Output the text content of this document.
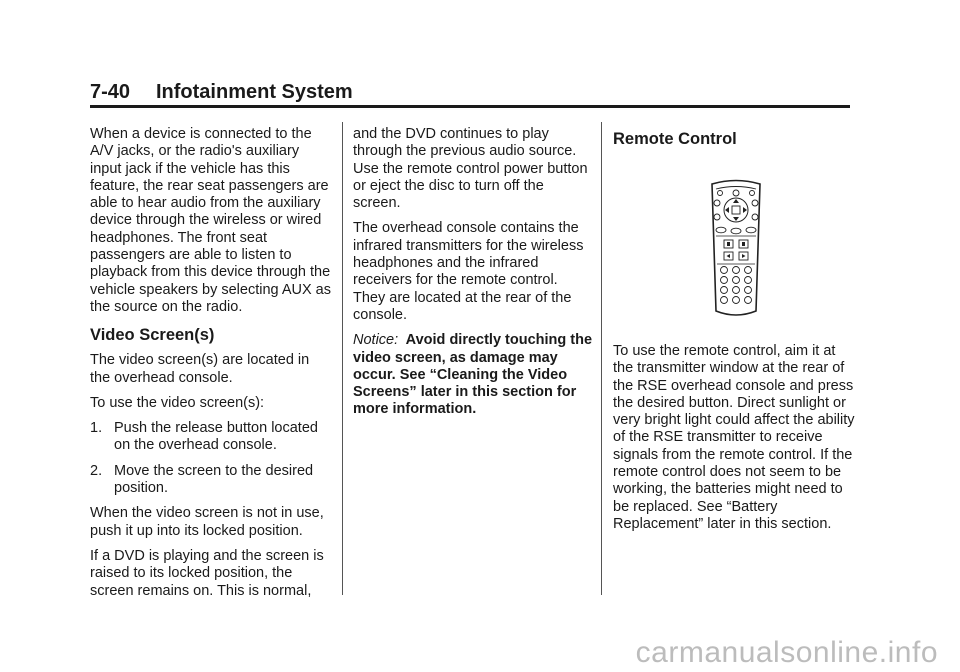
7-40 Infotainment System

When a device is connected to the A/V jacks, or the radio's auxiliary input jack if the vehicle has this feature, the rear seat passengers are able to hear audio from the auxiliary device through the wireless or wired headphones. The front seat passengers are able to listen to playback from this device through the vehicle speakers by selecting AUX as the source on the radio.

Video Screen(s)

The video screen(s) are located in the overhead console.

To use the video screen(s):

1. Push the release button located on the overhead console.
2. Move the screen to the desired position.

When the video screen is not in use, push it up into its locked position.

If a DVD is playing and the screen is raised to its locked position, the screen remains on. This is normal,

and the DVD continues to play through the previous audio source. Use the remote control power button or eject the disc to turn off the screen.

The overhead console contains the infrared transmitters for the wireless headphones and the infrared receivers for the remote control. They are located at the rear of the console.

Notice: Avoid directly touching the video screen, as damage may occur. See “Cleaning the Video Screens” later in this section for more information.

Remote Control

To use the remote control, aim it at the transmitter window at the rear of the RSE overhead console and press the desired button. Direct sunlight or very bright light could affect the ability of the RSE transmitter to receive signals from the remote control. If the remote control does not seem to be working, the batteries might need to be replaced. See “Battery Replacement” later in this section.

carmanualsonline.info
